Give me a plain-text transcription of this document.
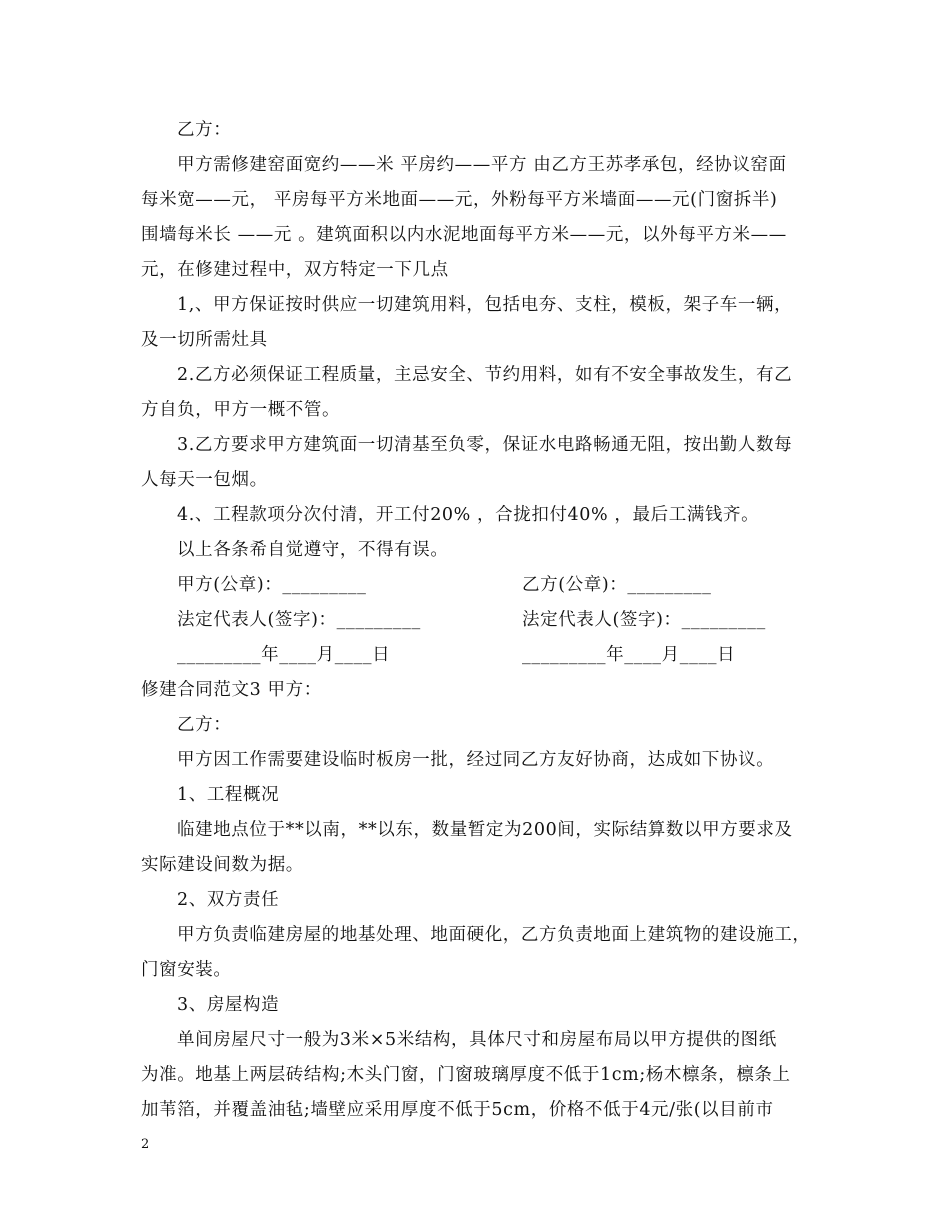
乙方：
甲方需修建窑面宽约——米 平房约——平方 由乙方王苏孝承包，经协议窑面
每米宽——元， 平房每平方米地面——元，外粉每平方米墙面——元(门窗拆半)
围墙每米长 ——元 。建筑面积以内水泥地面每平方米——元，以外每平方米——
元，在修建过程中，双方特定一下几点
1,、甲方保证按时供应一切建筑用料，包括电夯、支柱，模板，架子车一辆，
及一切所需灶具
2.乙方必须保证工程质量，主忌安全、节约用料，如有不安全事故发生，有乙
方自负，甲方一概不管。
3.乙方要求甲方建筑面一切清基至负零，保证水电路畅通无阻，按出勤人数每
人每天一包烟。
4.、工程款项分次付清，开工付20% ，合拢扣付40% ，最后工满钱齐。
以上各条希自觉遵守，不得有误。
甲方(公章)：_________	乙方(公章)：_________
法定代表人(签字)：_________	法定代表人(签字)：_________
_________年____月____日	_________年____月____日
修建合同范文3 甲方：
乙方：
甲方因工作需要建设临时板房一批，经过同乙方友好协商，达成如下协议。
1、工程概况
临建地点位于**以南，**以东，数量暂定为200间，实际结算数以甲方要求及
实际建设间数为据。
2、双方责任
甲方负责临建房屋的地基处理、地面硬化，乙方负责地面上建筑物的建设施工，
门窗安装。
3、房屋构造
单间房屋尺寸一般为3米×5米结构，具体尺寸和房屋布局以甲方提供的图纸
为准。地基上两层砖结构;木头门窗，门窗玻璃厚度不低于1cm;杨木檩条，檩条上
加苇箔，并覆盖油毡;墙壁应采用厚度不低于5cm，价格不低于4元/张(以目前市
2
